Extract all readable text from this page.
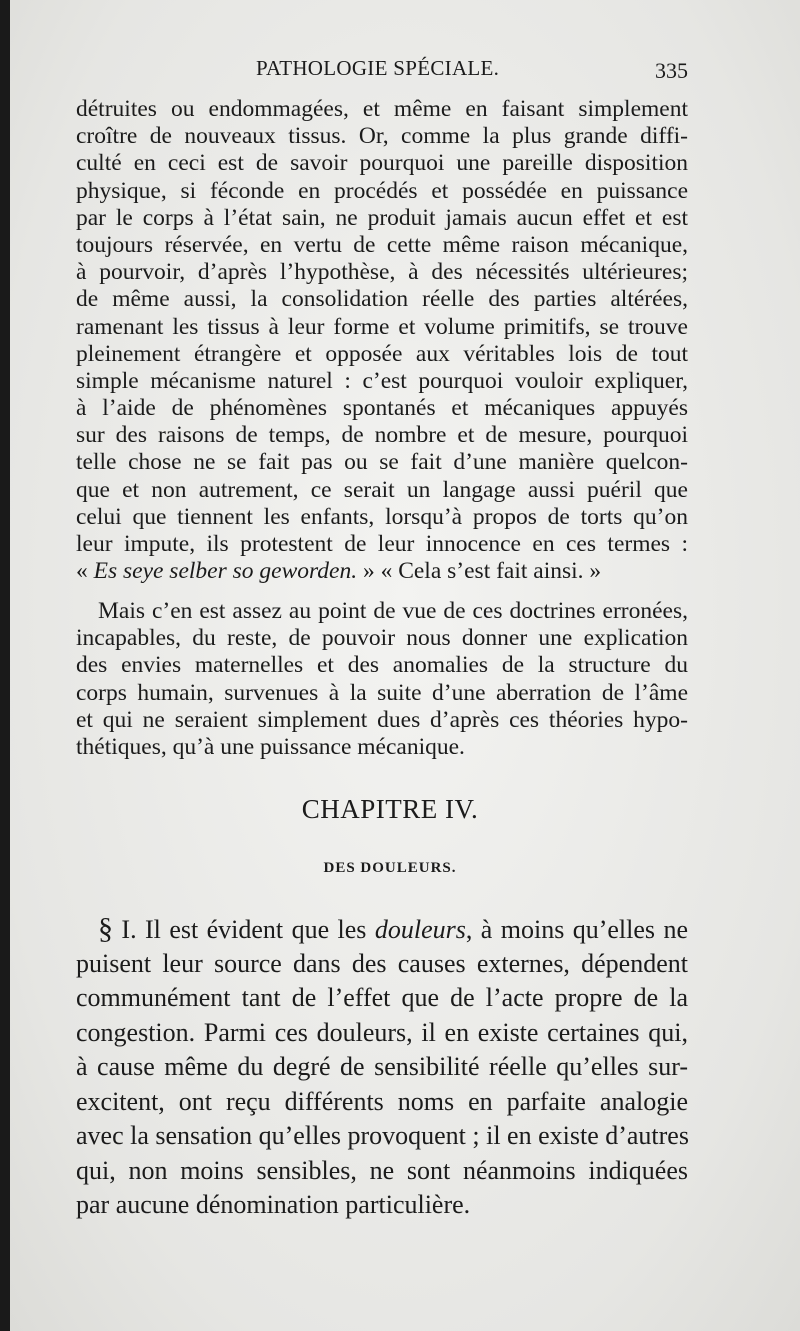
PATHOLOGIE SPÉCIALE.	335
détruites ou endommagées, et même en faisant simplement
croître de nouveaux tissus. Or, comme la plus grande diffi-
culté en ceci est de savoir pourquoi une pareille disposition
physique, si féconde en procédés et possédée en puissance
par le corps à l’état sain, ne produit jamais aucun effet et est
toujours réservée, en vertu de cette même raison mécanique,
à pourvoir, d’après l’hypothèse, à des nécessités ultérieures;
de même aussi, la consolidation réelle des parties altérées,
ramenant les tissus à leur forme et volume primitifs, se trouve
pleinement étrangère et opposée aux véritables lois de tout
simple mécanisme naturel : c’est pourquoi vouloir expliquer,
à l’aide de phénomènes spontanés et mécaniques appuyés
sur des raisons de temps, de nombre et de mesure, pourquoi
telle chose ne se fait pas ou se fait d’une manière quelcon-
que et non autrement, ce serait un langage aussi puéril que
celui que tiennent les enfants, lorsqu’à propos de torts qu’on
leur impute, ils protestent de leur innocence en ces termes :
« Es seye selber so geworden. » « Cela s’est fait ainsi. »
Mais c’en est assez au point de vue de ces doctrines erronées,
incapables, du reste, de pouvoir nous donner une explication
des envies maternelles et des anomalies de la structure du
corps humain, survenues à la suite d’une aberration de l’âme
et qui ne seraient simplement dues d’après ces théories hypo-
thétiques, qu’à une puissance mécanique.
CHAPITRE IV.
DES DOULEURS.
§ I. Il est évident que les douleurs, à moins qu’elles ne
puisent leur source dans des causes externes, dépendent
communément tant de l’effet que de l’acte propre de la
congestion. Parmi ces douleurs, il en existe certaines qui,
à cause même du degré de sensibilité réelle qu’elles sur-
excitent, ont reçu différents noms en parfaite analogie
avec la sensation qu’elles provoquent ; il en existe d’autres
qui, non moins sensibles, ne sont néanmoins indiquées
par aucune dénomination particulière.
